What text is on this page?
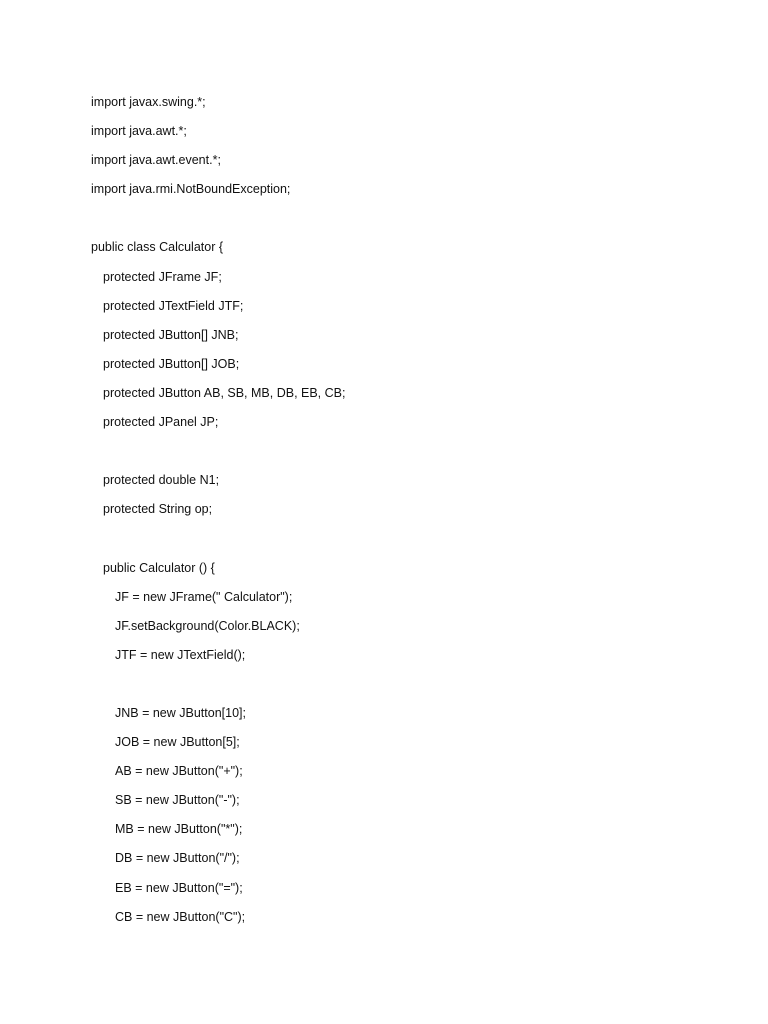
import javax.swing.*;
import java.awt.*;
import java.awt.event.*;
import java.rmi.NotBoundException;
public class Calculator {
protected JFrame JF;
protected JTextField JTF;
protected JButton[] JNB;
protected JButton[] JOB;
protected JButton AB, SB, MB, DB, EB, CB;
protected JPanel JP;
protected double N1;
protected String op;
public Calculator () {
JF = new JFrame(" Calculator");
JF.setBackground(Color.BLACK);
JTF = new JTextField();
JNB = new JButton[10];
JOB = new JButton[5];
AB = new JButton("+");
SB = new JButton("-");
MB = new JButton("*");
DB = new JButton("/");
EB = new JButton("=");
CB = new JButton("C");
